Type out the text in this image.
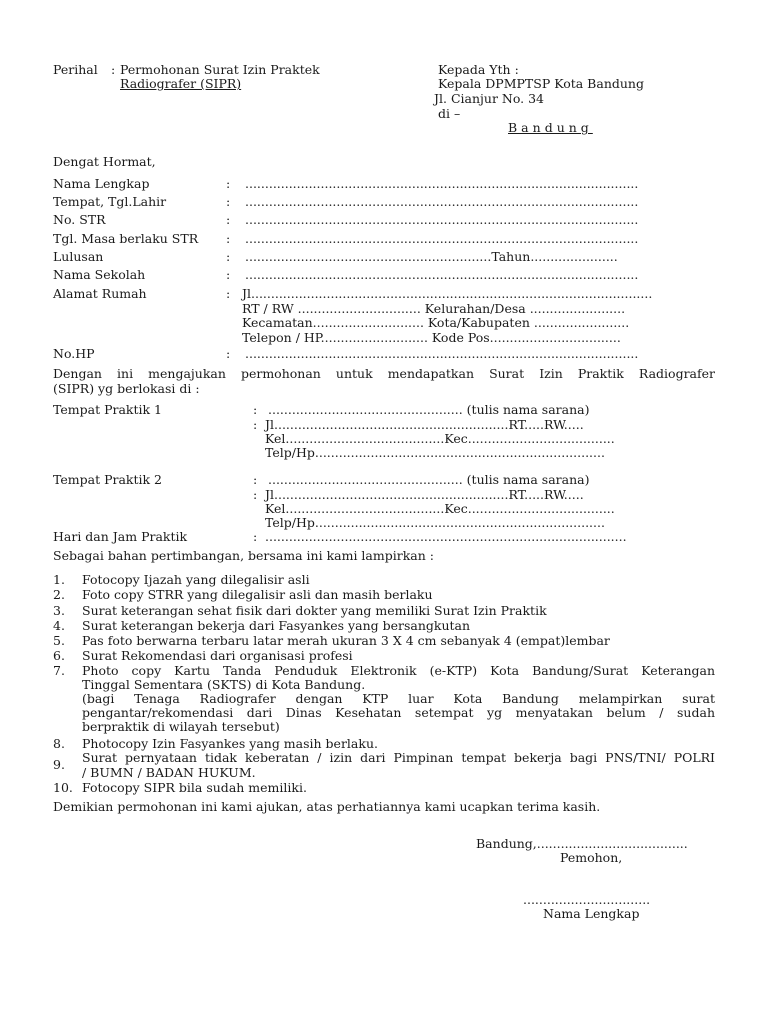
Perihal : Permohonan Surat Izin Praktek
Radiografer (SIPR)
Kepada Yth :
Kepala DPMPTSP Kota Bandung
Jl. Cianjur No. 34
di –
Bandung
Dengat Hormat,
Nama Lengkap	: ...................................................................................................
Tempat, Tgl.Lahir	: ...................................................................................................
No. STR	: ...................................................................................................
Tgl. Masa berlaku STR : ...................................................................................................
Lulusan	: ..............................................................Tahun......................
Nama Sekolah	: ...................................................................................................
Alamat Rumah	: Jl.....................................................................................................
RT / RW ............................... Kelurahan/Desa ........................
Kecamatan............................ Kota/Kabupaten ........................
Telepon / HP........................... Kode Pos.................................
No.HP	: ...................................................................................................
Dengan ini mengajukan permohonan untuk mendapatkan Surat Izin Praktik Radiografer
(SIPR) yg berlokasi di :
Tempat Praktik 1	: ................................................. (tulis nama sarana)
: Jl...........................................................RT.....RW.....
Kel........................................Kec.....................................
Telp/Hp.........................................................................
Tempat Praktik 2	: ................................................. (tulis nama sarana)
: Jl...........................................................RT.....RW.....
Kel........................................Kec.....................................
Telp/Hp.........................................................................
Hari dan Jam Praktik	: ...........................................................................................
Sebagai bahan pertimbangan, bersama ini kami lampirkan :
1. Fotocopy Ijazah yang dilegalisir asli
2. Foto copy STRR yang dilegalisir asli dan masih berlaku
3. Surat keterangan sehat fisik dari dokter yang memiliki Surat Izin Praktik
4. Surat keterangan bekerja dari Fasyankes yang bersangkutan
5. Pas foto berwarna terbaru latar merah ukuran 3 X 4 cm sebanyak 4 (empat)lembar
6. Surat Rekomendasi dari organisasi profesi
7. Photo copy Kartu Tanda Penduduk Elektronik (e-KTP) Kota Bandung/Surat Keterangan
Tinggal Sementara (SKTS) di Kota Bandung.
(bagi Tenaga Radiografer dengan KTP luar Kota Bandung melampirkan surat
pengantar/rekomendasi dari Dinas Kesehatan setempat yg menyatakan belum / sudah
berpraktik di wilayah tersebut)
8. Photocopy Izin Fasyankes yang masih berlaku.
9. Surat pernyataan tidak keberatan / izin dari Pimpinan tempat bekerja bagi PNS/TNI/ POLRI
/ BUMN / BADAN HUKUM.
10. Fotocopy SIPR bila sudah memiliki.
Demikian permohonan ini kami ajukan, atas perhatiannya kami ucapkan terima kasih.
Bandung,......................................
Pemohon,
................................
Nama Lengkap
